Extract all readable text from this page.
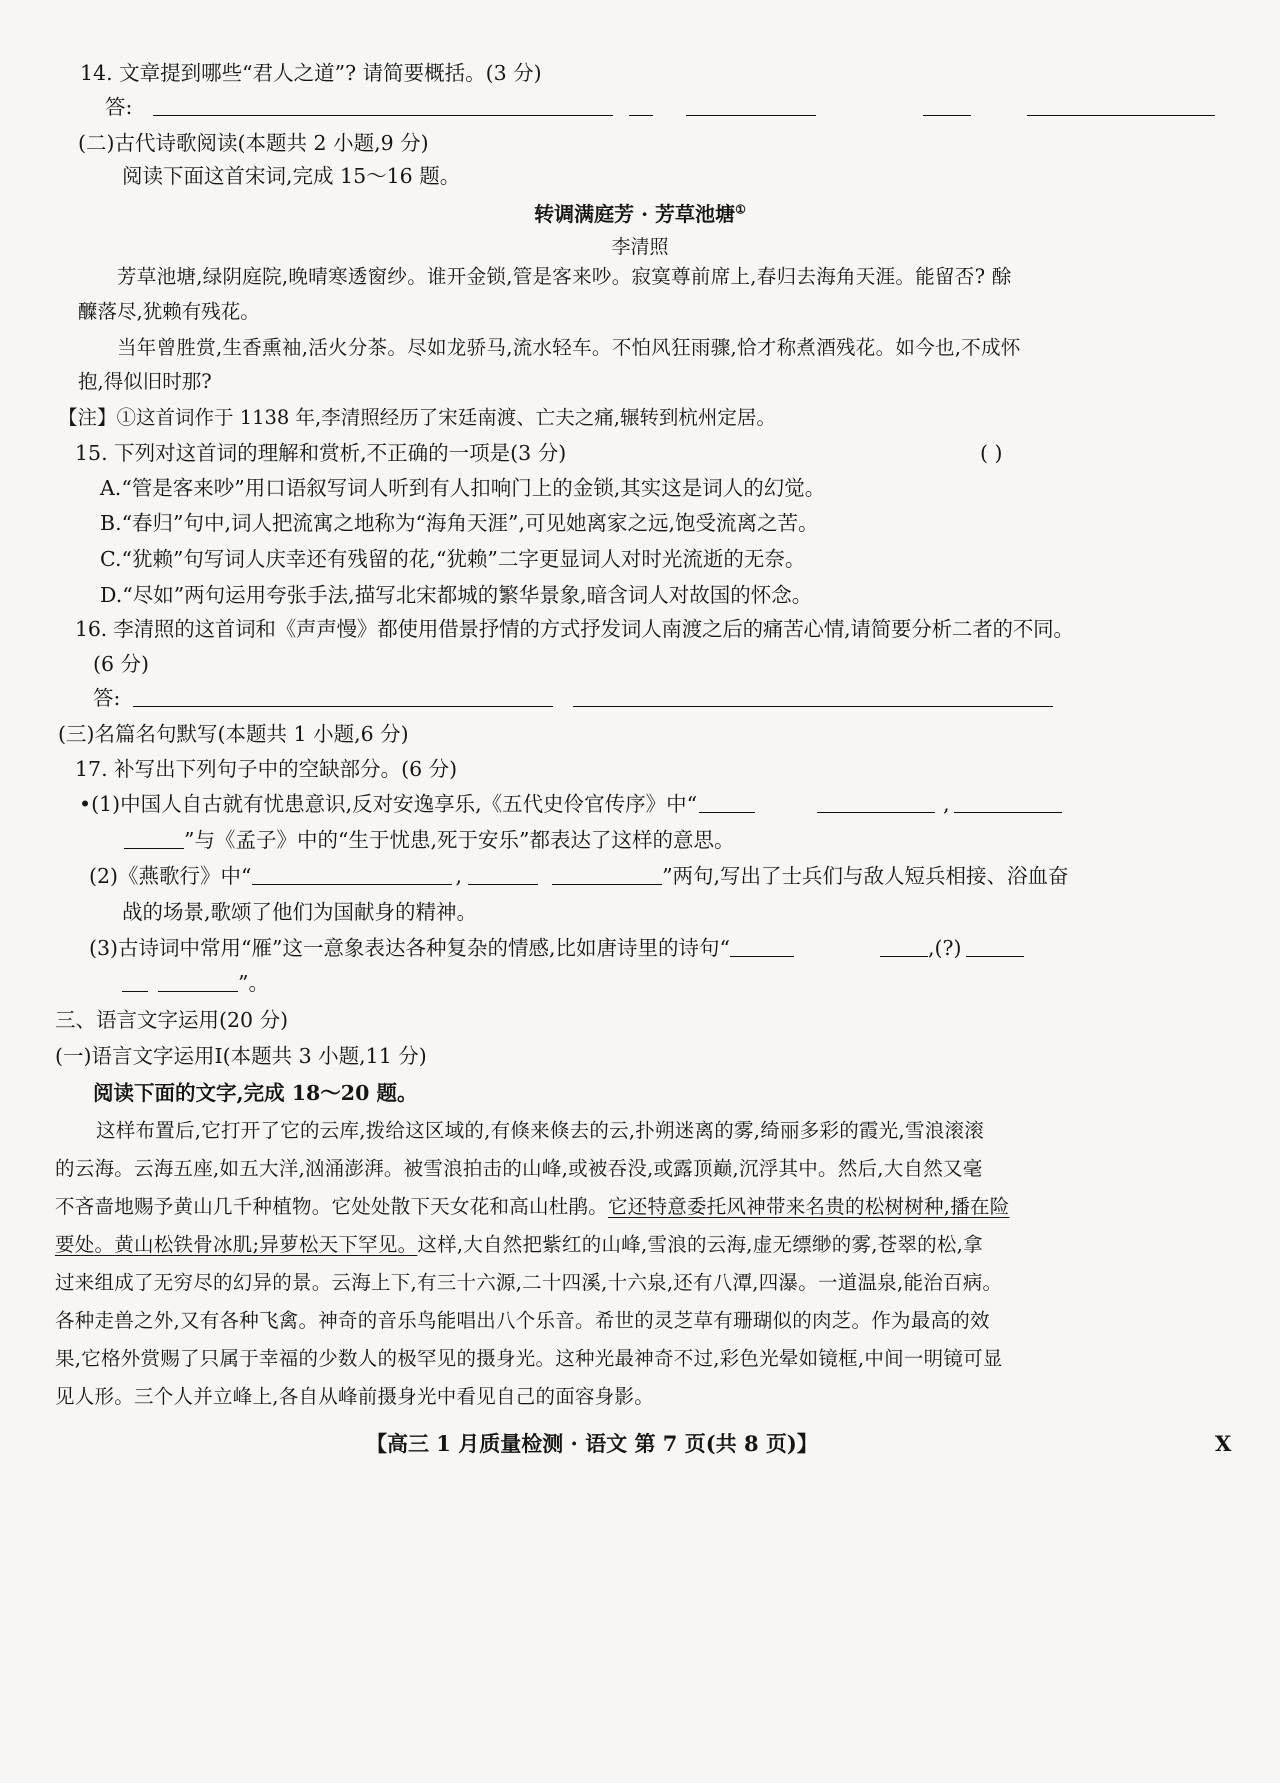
14. 文章提到哪些“君人之道”? 请简要概括。(3 分)
答:
(二)古代诗歌阅读(本题共 2 小题,9 分)
阅读下面这首宋词,完成 15～16 题。
转调满庭芳 · 芳草池塘①
李清照
芳草池塘,绿阴庭院,晚晴寒透窗纱。谁开金锁,管是客来吵。寂寞尊前席上,春归去海角天涯。能留否? 酴
醾落尽,犹赖有残花。
当年曾胜赏,生香熏袖,活火分茶。尽如龙骄马,流水轻车。不怕风狂雨骤,恰才称煮酒残花。如今也,不成怀
抱,得似旧时那?
【注】①这首词作于 1138 年,李清照经历了宋廷南渡、亡夫之痛,辗转到杭州定居。
15. 下列对这首词的理解和赏析,不正确的一项是(3 分)	( )
A.“管是客来吵”用口语叙写词人听到有人扣响门上的金锁,其实这是词人的幻觉。
B.“春归”句中,词人把流寓之地称为“海角天涯”,可见她离家之远,饱受流离之苦。
C.“犹赖”句写词人庆幸还有残留的花,“犹赖”二字更显词人对时光流逝的无奈。
D.“尽如”两句运用夸张手法,描写北宋都城的繁华景象,暗含词人对故国的怀念。
16. 李清照的这首词和《声声慢》都使用借景抒情的方式抒发词人南渡之后的痛苦心情,请简要分析二者的不同。
(6 分)
答:
(三)名篇名句默写(本题共 1 小题,6 分)
17. 补写出下列句子中的空缺部分。(6 分)
•(1)中国人自古就有忧患意识,反对安逸享乐,《五代史伶官传序》中“	,
”与《孟子》中的“生于忧患,死于安乐”都表达了这样的意思。
(2)《燕歌行》中“	,	”两句,写出了士兵们与敌人短兵相接、浴血奋
战的场景,歌颂了他们为国献身的精神。
(3)古诗词中常用“雁”这一意象表达各种复杂的情感,比如唐诗里的诗句“	,(?)
”。
三、语言文字运用(20 分)
(一)语言文字运用Ⅰ(本题共 3 小题,11 分)
阅读下面的文字,完成 18～20 题。
这样布置后,它打开了它的云库,拨给这区域的,有倏来倏去的云,扑朔迷离的雾,绮丽多彩的霞光,雪浪滚滚
的云海。云海五座,如五大洋,汹涌澎湃。被雪浪拍击的山峰,或被吞没,或露顶巅,沉浮其中。然后,大自然又毫
不吝啬地赐予黄山几千种植物。它处处散下天女花和高山杜鹃。它还特意委托风神带来名贵的松树树种,播在险
要处。黄山松铁骨冰肌;异萝松天下罕见。这样,大自然把紫红的山峰,雪浪的云海,虚无缥缈的雾,苍翠的松,拿
过来组成了无穷尽的幻异的景。云海上下,有三十六源,二十四溪,十六泉,还有八潭,四瀑。一道温泉,能治百病。
各种走兽之外,又有各种飞禽。神奇的音乐鸟能唱出八个乐音。希世的灵芝草有珊瑚似的肉芝。作为最高的效
果,它格外赏赐了只属于幸福的少数人的极罕见的摄身光。这种光最神奇不过,彩色光晕如镜框,中间一明镜可显
见人形。三个人并立峰上,各自从峰前摄身光中看见自己的面容身影。
【高三 1 月质量检测 · 语文 第 7 页(共 8 页)】	X
